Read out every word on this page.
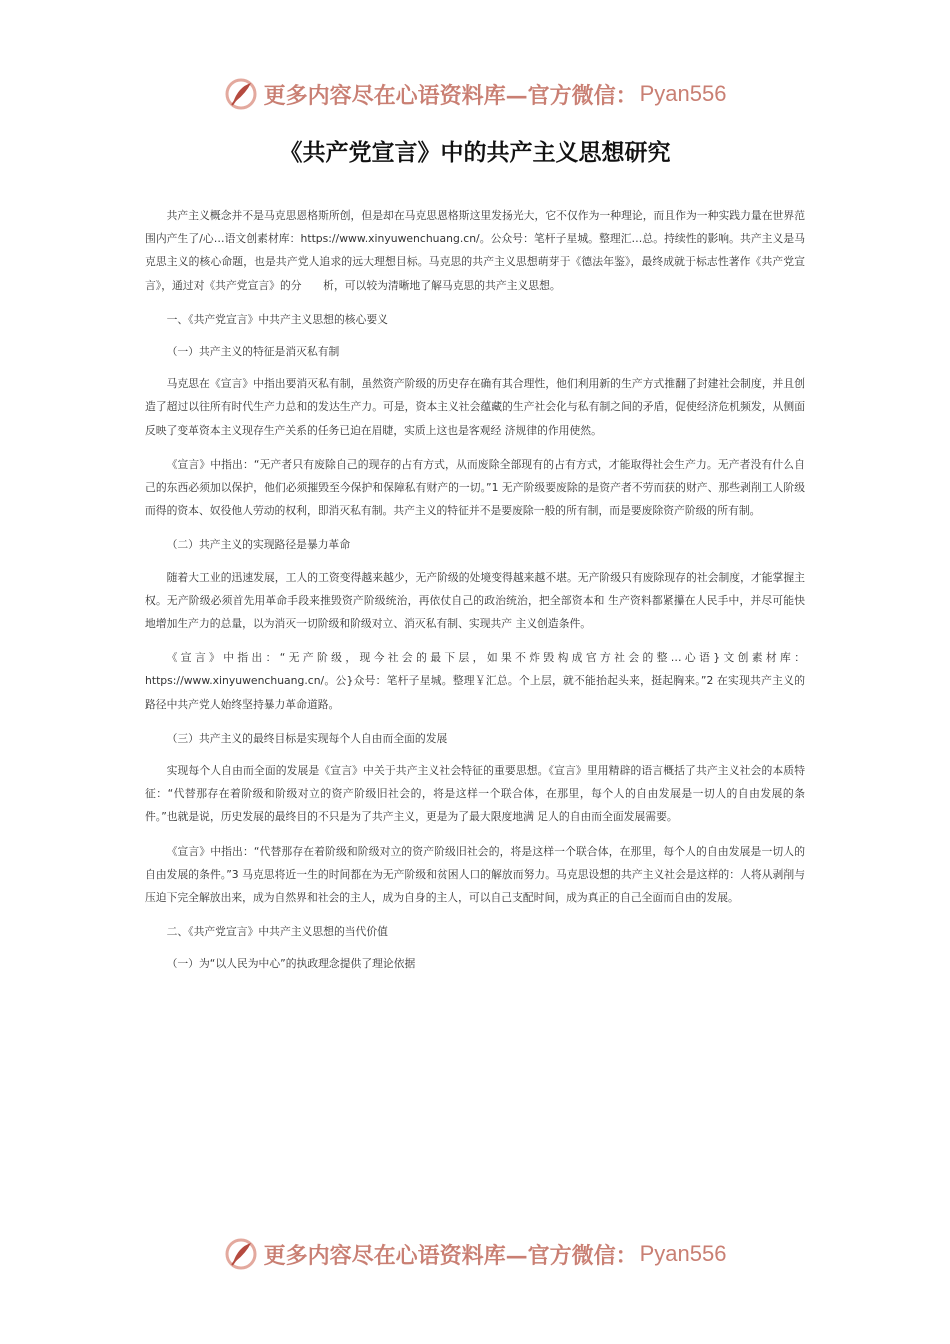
更多内容尽在心语资料库—官方微信： Pyan556
《共产党宣言》中的共产主义思想研究

共产主义概念并不是马克思恩格斯所创，但是却在马克思恩格斯这里发扬光大，它不仅作为一种理论，而且作为一种实践力量在世界范围内产生了/心…语文创素材库：https://www.xinyuwenchuang.cn/。公众号：笔杆子星城。整理汇…总。持续性的影响。共产主义是马克思主义的核心命题，也是共产党人追求的远大理想目标。马克思的共产主义思想萌芽于《德法年鉴》，最终成就于标志性著作《共产党宣言》，通过对《共产党宣言》的分　　析，可以较为清晰地了解马克思的共产主义思想。

一、《共产党宣言》中共产主义思想的核心要义

（一）共产主义的特征是消灭私有制

马克思在《宣言》中指出要消灭私有制，虽然资产阶级的历史存在确有其合理性，他们利用新的生产方式推翻了封建社会制度，并且创造了超过以往所有时代生产力总和的发达生产力。可是，资本主义社会蕴藏的生产社会化与私有制之间的矛盾，促使经济危机频发，从侧面反映了变革资本主义现存生产关系的任务已迫在眉睫，实质上这也是客观经 济规律的作用使然。

《宣言》中指出：“无产者只有废除自己的现存的占有方式，从而废除全部现有的占有方式，才能取得社会生产力。无产者没有什么自己的东西必须加以保护，他们必须摧毁至今保护和保障私有财产的一切。”1 无产阶级要废除的是资产者不劳而获的财产、那些剥削工人阶级而得的资本、奴役他人劳动的权利，即消灭私有制。共产主义的特征并不是要废除一般的所有制，而是要废除资产阶级的所有制。

（二）共产主义的实现路径是暴力革命

随着大工业的迅速发展，工人的工资变得越来越少，无产阶级的处境变得越来越不堪。无产阶级只有废除现存的社会制度，才能掌握主权。无产阶级必须首先用革命手段来推毁资产阶级统治，再依仗自己的政治统治，把全部资本和 生产资料都紧攥在人民手中，并尽可能快地增加生产力的总量，以为消灭一切阶级和阶级对立、消灭私有制、实现共产 主义创造条件。

《宣言》中指出：“无产阶级，现今社会的最下层，如果不炸毁构成官方社会的整…心语}文创素材库：https://www.xinyuwenchuang.cn/。公}众号：笔杆子星城。整理￥汇总。个上层，就不能抬起头来，挺起胸来。”2 在实现共产主义的路径中共产党人始终坚持暴力革命道路。

（三）共产主义的最终目标是实现每个人自由而全面的发展

实现每个人自由而全面的发展是《宣言》中关于共产主义社会特征的重要思想。《宣言》里用精辟的语言概括了共产主义社会的本质特征：“代替那存在着阶级和阶级对立的资产阶级旧社会的，将是这样一个联合体，在那里，每个人的自由发展是一切人的自由发展的条件。”也就是说，历史发展的最终目的不只是为了共产主义，更是为了最大限度地满 足人的自由而全面发展需要。

《宣言》中指出：“代替那存在着阶级和阶级对立的资产阶级旧社会的，将是这样一个联合体，在那里，每个人的自由发展是一切人的自由发展的条件。”3 马克思将近一生的时间都在为无产阶级和贫困人口的解放而努力。马克思设想的共产主义社会是这样的：人将从剥削与压迫下完全解放出来，成为自然界和社会的主人，成为自身的主人，可以自己支配时间，成为真正的自己全面而自由的发展。

二、《共产党宣言》中共产主义思想的当代价值

（一）为“以人民为中心”的执政理念提供了理论依据

更多内容尽在心语资料库—官方微信： Pyan556
